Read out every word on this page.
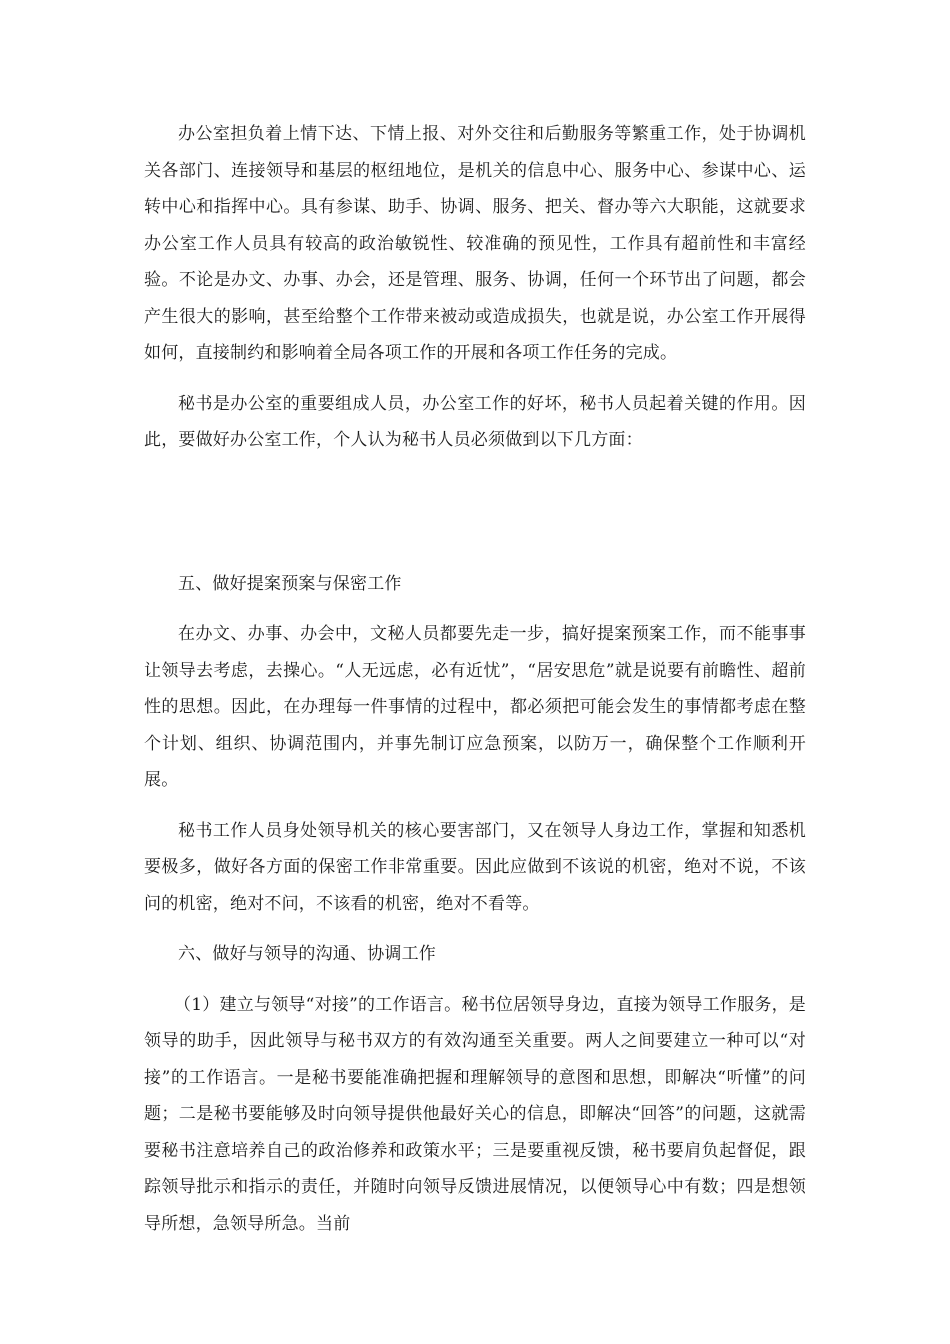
办公室担负着上情下达、下情上报、对外交往和后勤服务等繁重工作，处于协调机关各部门、连接领导和基层的枢纽地位，是机关的信息中心、服务中心、参谋中心、运转中心和指挥中心。具有参谋、助手、协调、服务、把关、督办等六大职能，这就要求办公室工作人员具有较高的政治敏锐性、较准确的预见性，工作具有超前性和丰富经验。不论是办文、办事、办会，还是管理、服务、协调，任何一个环节出了问题，都会产生很大的影响，甚至给整个工作带来被动或造成损失，也就是说，办公室工作开展得如何，直接制约和影响着全局各项工作的开展和各项工作任务的完成。

秘书是办公室的重要组成人员，办公室工作的好坏，秘书人员起着关键的作用。因此，要做好办公室工作，个人认为秘书人员必须做到以下几方面：

五、做好提案预案与保密工作

在办文、办事、办会中，文秘人员都要先走一步，搞好提案预案工作，而不能事事让领导去考虑，去操心。“人无远虑，必有近忧”，“居安思危”就是说要有前瞻性、超前性的思想。因此，在办理每一件事情的过程中，都必须把可能会发生的事情都考虑在整个计划、组织、协调范围内，并事先制订应急预案，以防万一，确保整个工作顺利开展。

秘书工作人员身处领导机关的核心要害部门，又在领导人身边工作，掌握和知悉机要极多，做好各方面的保密工作非常重要。因此应做到不该说的机密，绝对不说，不该问的机密，绝对不问，不该看的机密，绝对不看等。

六、做好与领导的沟通、协调工作

（1）建立与领导“对接”的工作语言。秘书位居领导身边，直接为领导工作服务，是领导的助手，因此领导与秘书双方的有效沟通至关重要。两人之间要建立一种可以“对接”的工作语言。一是秘书要能准确把握和理解领导的意图和思想，即解决“听懂”的问题；二是秘书要能够及时向领导提供他最好关心的信息，即解决“回答”的问题，这就需要秘书注意培养自己的政治修养和政策水平；三是要重视反馈，秘书要肩负起督促，跟踪领导批示和指示的责任，并随时向领导反馈进展情况，以便领导心中有数；四是想领导所想，急领导所急。当前
